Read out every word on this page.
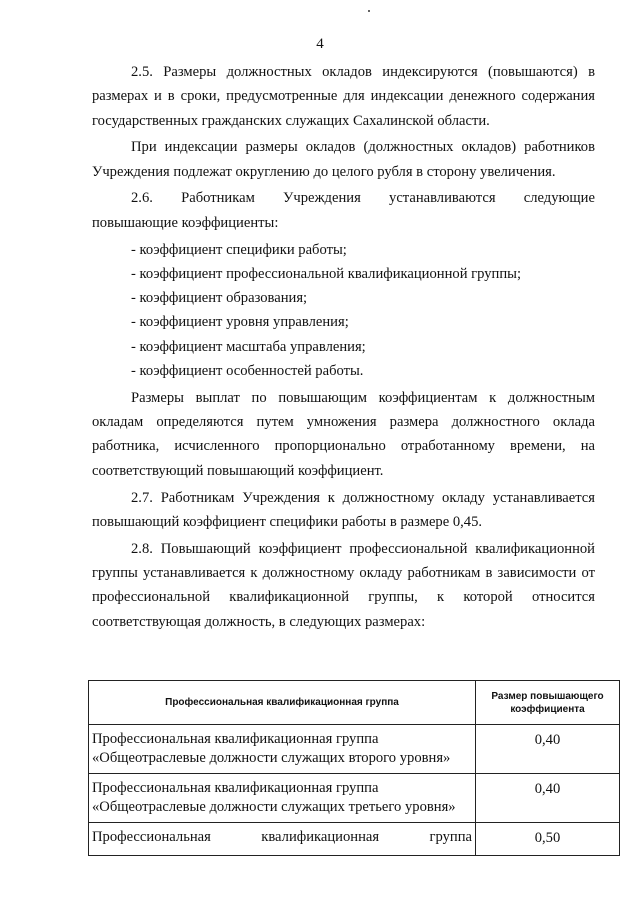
4

2.5. Размеры должностных окладов индексируются (повышаются) в размерах и в сроки, предусмотренные для индексации денежного содержания государственных гражданских служащих Сахалинской области.

При индексации размеры окладов (должностных окладов) работников Учреждения подлежат округлению до целого рубля в сторону увеличения.

2.6. Работникам Учреждения устанавливаются следующие

повышающие коэффициенты:

- коэффициент специфики работы;

- коэффициент профессиональной квалификационной группы;

- коэффициент образования;

- коэффициент уровня управления;

- коэффициент масштаба управления;

- коэффициент особенностей работы.

Размеры выплат по повышающим коэффициентам к должностным окладам определяются путем умножения размера должностного оклада работника, исчисленного пропорционально отработанному времени, на соответствующий повышающий коэффициент.

2.7. Работникам Учреждения к должностному окладу устанавливается повышающий коэффициент специфики работы в размере 0,45.

2.8. Повышающий коэффициент профессиональной квалификационной группы устанавливается к должностному окладу работникам в зависимости от профессиональной квалификационной группы, к которой относится соответствующая должность, в следующих размерах:

Профессиональная квалификационная группа	Размер повышающего коэффициента
Профессиональная квалификационная группа «Общеотраслевые должности служащих второго уровня»	0,40
Профессиональная квалификационная группа «Общеотраслевые должности служащих третьего уровня»	0,40

Профессиональная квалификационная группа	0,50
